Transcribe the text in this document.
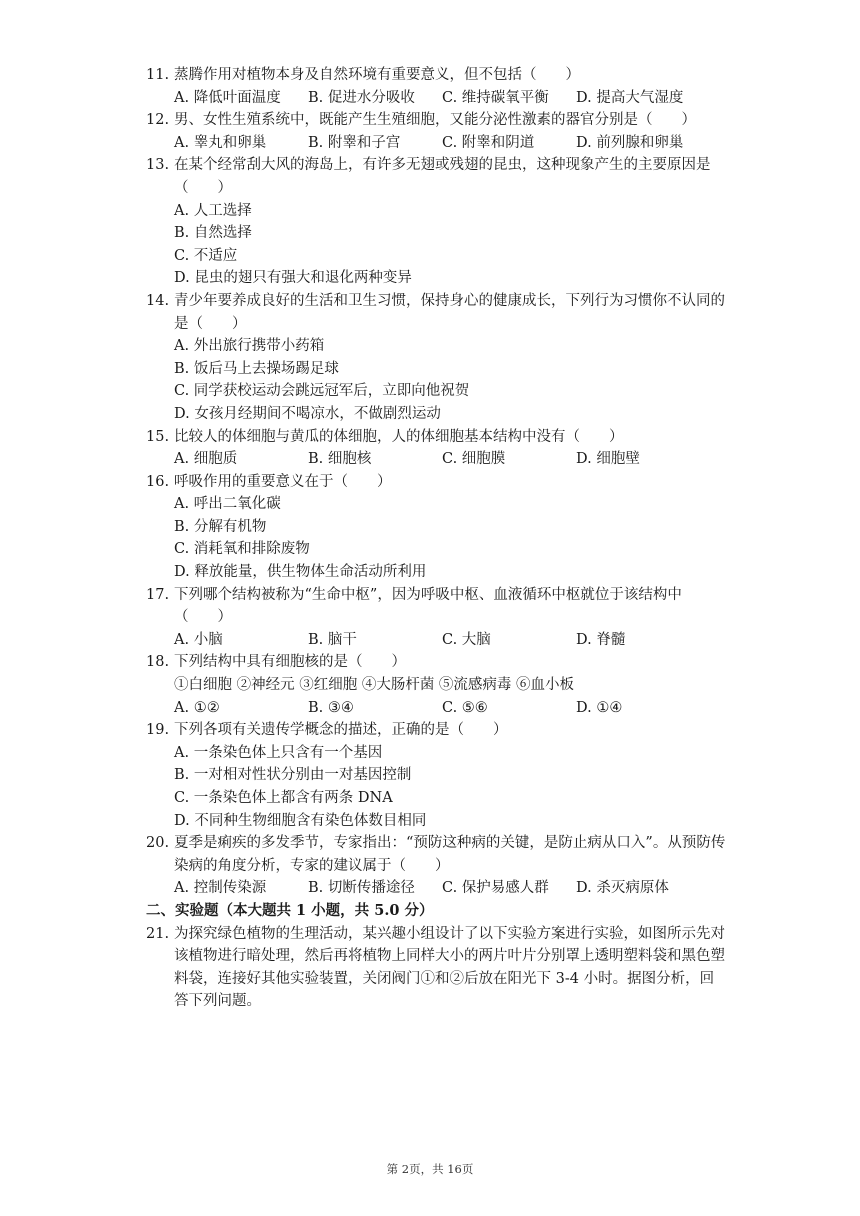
11. 蒸腾作用对植物本身及自然环境有重要意义，但不包括（　　）
A. 降低叶面温度	B. 促进水分吸收	C. 维持碳氧平衡	D. 提高大气湿度
12. 男、女性生殖系统中，既能产生生殖细胞，又能分泌性激素的器官分别是（　　）
A. 睾丸和卵巢	B. 附睾和子宫	C. 附睾和阴道	D. 前列腺和卵巢
13. 在某个经常刮大风的海岛上，有许多无翅或残翅的昆虫，这种现象产生的主要原因是（　　）
A. 人工选择
B. 自然选择
C. 不适应
D. 昆虫的翅只有强大和退化两种变异
14. 青少年要养成良好的生活和卫生习惯，保持身心的健康成长，下列行为习惯你不认同的是（　　）
A. 外出旅行携带小药箱
B. 饭后马上去操场踢足球
C. 同学获校运动会跳远冠军后，立即向他祝贺
D. 女孩月经期间不喝凉水，不做剧烈运动
15. 比较人的体细胞与黄瓜的体细胞，人的体细胞基本结构中没有（　　）
A. 细胞质	B. 细胞核	C. 细胞膜	D. 细胞壁
16. 呼吸作用的重要意义在于（　　）
A. 呼出二氧化碳
B. 分解有机物
C. 消耗氧和排除废物
D. 释放能量，供生物体生命活动所利用
17. 下列哪个结构被称为“生命中枢”，因为呼吸中枢、血液循环中枢就位于该结构中（　　）
A. 小脑	B. 脑干	C. 大脑	D. 脊髓
18. 下列结构中具有细胞核的是（　　）
①白细胞 ②神经元 ③红细胞 ④大肠杆菌 ⑤流感病毒 ⑥血小板
A. ①②	B. ③④	C. ⑤⑥	D. ①④
19. 下列各项有关遗传学概念的描述，正确的是（　　）
A. 一条染色体上只含有一个基因
B. 一对相对性状分别由一对基因控制
C. 一条染色体上都含有两条 DNA
D. 不同种生物细胞含有染色体数目相同
20. 夏季是痢疾的多发季节，专家指出：“预防这种病的关键，是防止病从口入”。从预防传染病的角度分析，专家的建议属于（　　）
A. 控制传染源	B. 切断传播途径	C. 保护易感人群	D. 杀灭病原体
二、实验题（本大题共 1 小题，共 5.0 分）
21. 为探究绿色植物的生理活动，某兴趣小组设计了以下实验方案进行实验，如图所示先对该植物进行暗处理，然后再将植物上同样大小的两片叶片分别罩上透明塑料袋和黑色塑料袋，连接好其他实验装置，关闭阀门①和②后放在阳光下 3-4 小时。据图分析，回答下列问题。
第 2页，共 16页
